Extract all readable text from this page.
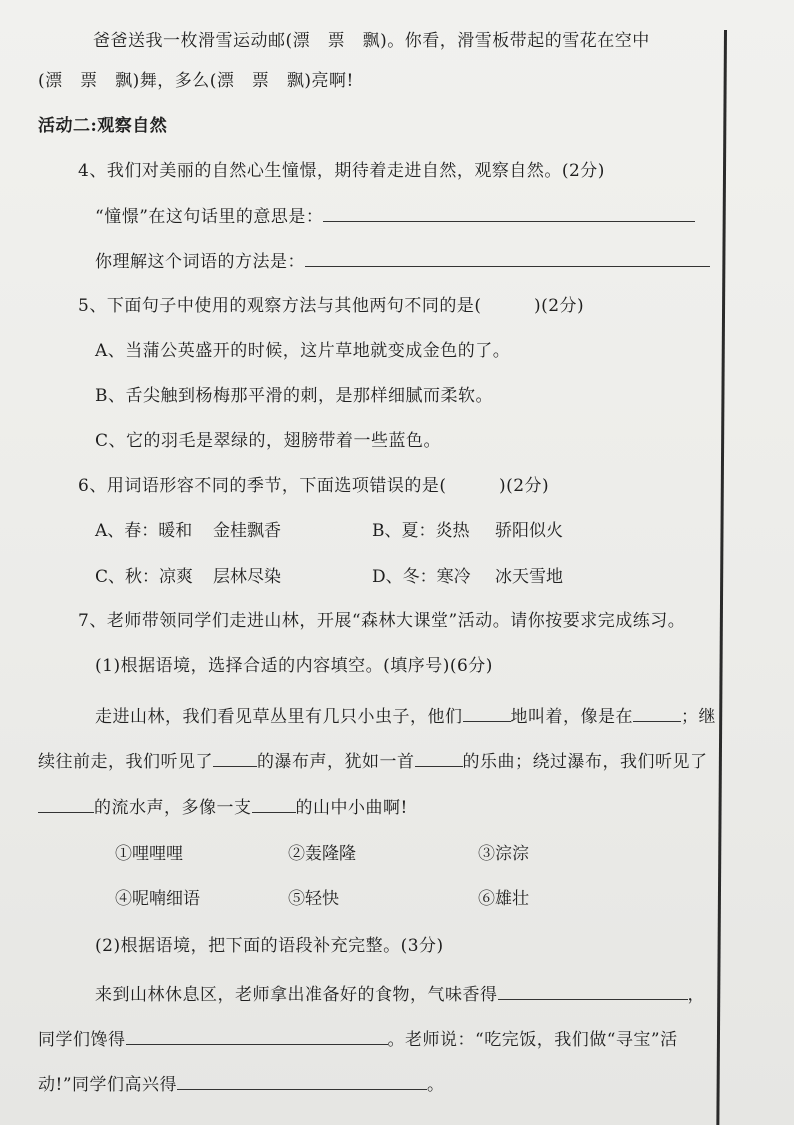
爸爸送我一枚滑雪运动邮(漂　票　飘)。你看，滑雪板带起的雪花在空中
(漂　票　飘)舞，多么(漂　票　飘)亮啊!
活动二:观察自然
4、我们对美丽的自然心生憧憬，期待着走进自然，观察自然。(2分)
“憧憬”在这句话里的意思是：
你理解这个词语的方法是：
5、下面句子中使用的观察方法与其他两句不同的是(　　　)(2分)
A、当蒲公英盛开的时候，这片草地就变成金色的了。
B、舌尖触到杨梅那平滑的刺，是那样细腻而柔软。
C、它的羽毛是翠绿的，翅膀带着一些蓝色。
6、用词语形容不同的季节，下面选项错误的是(　　　)(2分)
A、春：暖和 金桂飘香	B、夏：炎热 骄阳似火
C、秋：凉爽 层林尽染	D、冬：寒冷 冰天雪地
7、老师带领同学们走进山林，开展“森林大课堂”活动。请你按要求完成练习。
(1)根据语境，选择合适的内容填空。(填序号)(6分)
走进山林，我们看见草丛里有几只小虫子，他们	地叫着，像是在	；继
续往前走，我们听见了	的瀑布声，犹如一首	的乐曲；绕过瀑布，我们听见了
的流水声，多像一支	的山中小曲啊!
①哩哩哩	②轰隆隆	③淙淙
④呢喃细语	⑤轻快	⑥雄壮
(2)根据语境，把下面的语段补充完整。(3分)
来到山林休息区，老师拿出准备好的食物，气味香得	，
同学们馋得	。老师说：“吃完饭，我们做“寻宝”活
动!”同学们高兴得	。
